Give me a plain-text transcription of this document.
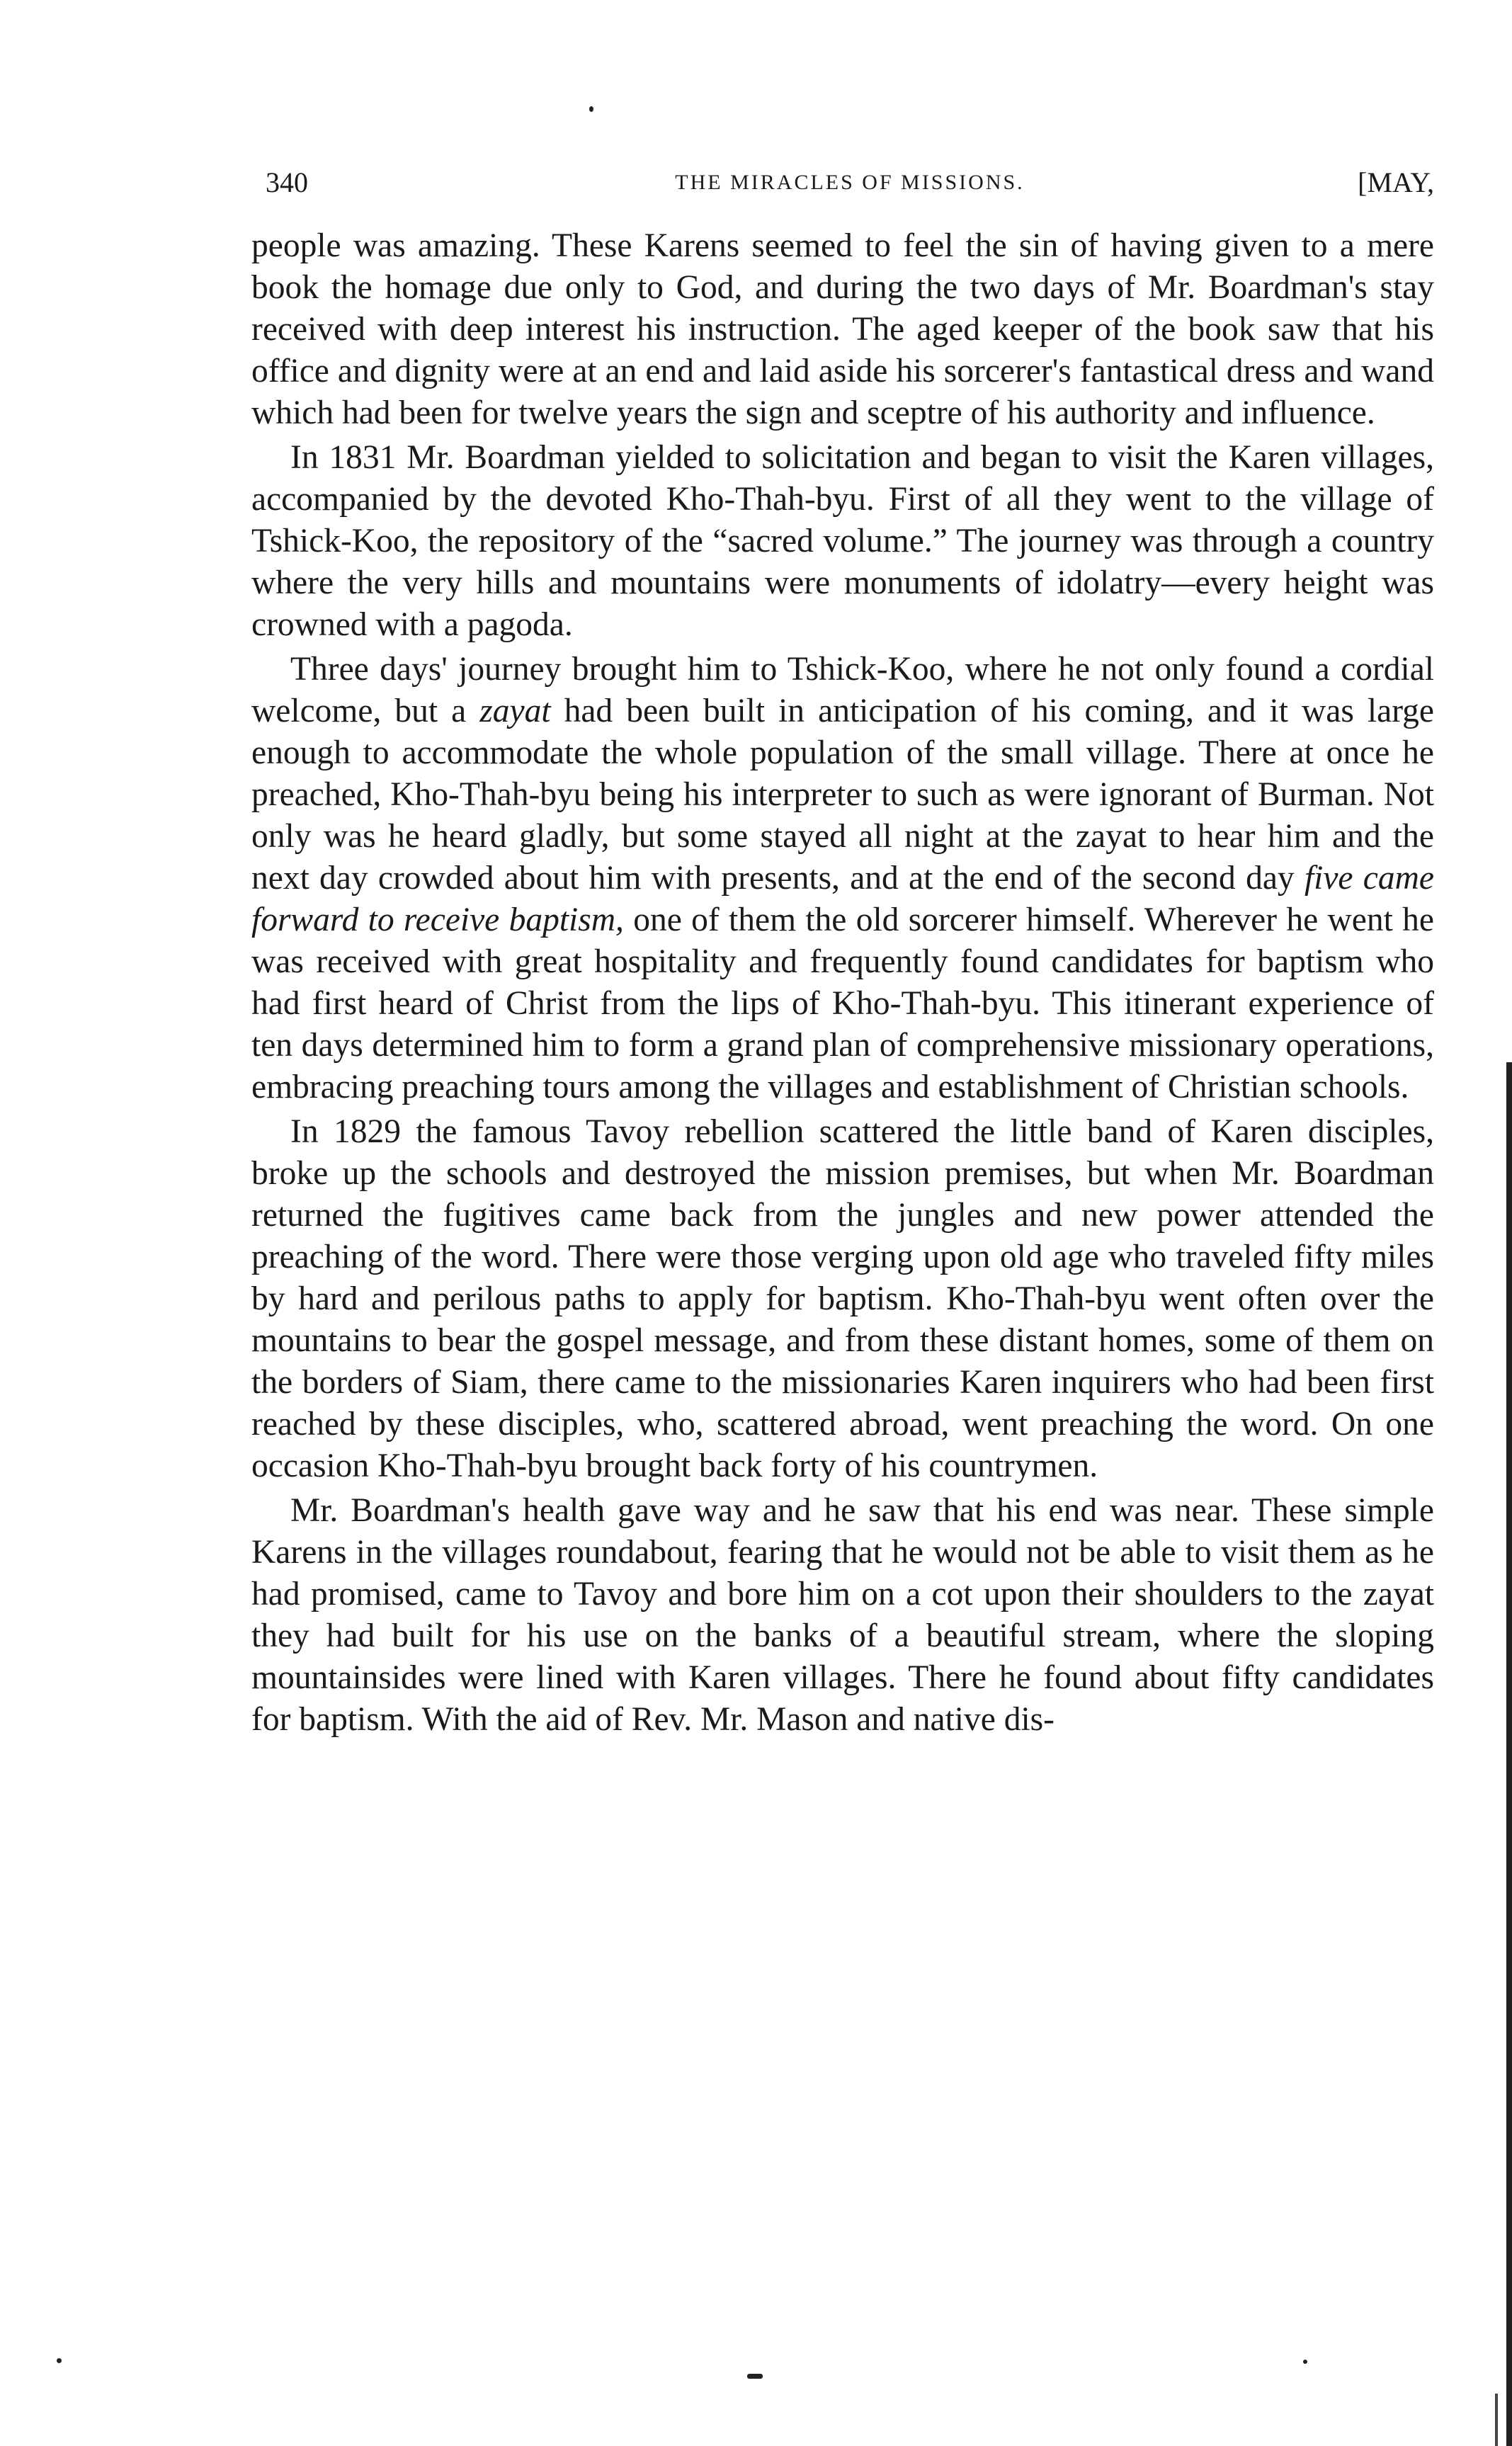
340	THE MIRACLES OF MISSIONS.	[MAY,

people was amazing. These Karens seemed to feel the sin of having given to a mere book the homage due only to God, and during the two days of Mr. Boardman's stay received with deep interest his instruction. The aged keeper of the book saw that his office and dignity were at an end and laid aside his sorcerer's fantastical dress and wand which had been for twelve years the sign and sceptre of his authority and influence.

In 1831 Mr. Boardman yielded to solicitation and began to visit the Karen villages, accompanied by the devoted Kho-Thah-byu. First of all they went to the village of Tshick-Koo, the repository of the “sacred volume.” The journey was through a country where the very hills and mountains were monuments of idolatry—every height was crowned with a pagoda.

Three days' journey brought him to Tshick-Koo, where he not only found a cordial welcome, but a zayat had been built in anticipation of his coming, and it was large enough to accommodate the whole population of the small village. There at once he preached, Kho-Thah-byu being his interpreter to such as were ignorant of Burman. Not only was he heard gladly, but some stayed all night at the zayat to hear him and the next day crowded about him with presents, and at the end of the second day five came forward to receive baptism, one of them the old sorcerer himself. Wherever he went he was received with great hospitality and frequently found candidates for baptism who had first heard of Christ from the lips of Kho-Thah-byu. This itinerant experience of ten days determined him to form a grand plan of comprehensive missionary operations, embracing preaching tours among the villages and establishment of Christian schools.

In 1829 the famous Tavoy rebellion scattered the little band of Karen disciples, broke up the schools and destroyed the mission premises, but when Mr. Boardman returned the fugitives came back from the jungles and new power attended the preaching of the word. There were those verging upon old age who traveled fifty miles by hard and perilous paths to apply for baptism. Kho-Thah-byu went often over the mountains to bear the gospel message, and from these distant homes, some of them on the borders of Siam, there came to the missionaries Karen inquirers who had been first reached by these disciples, who, scattered abroad, went preaching the word. On one occasion Kho-Thah-byu brought back forty of his countrymen.

Mr. Boardman's health gave way and he saw that his end was near. These simple Karens in the villages roundabout, fearing that he would not be able to visit them as he had promised, came to Tavoy and bore him on a cot upon their shoulders to the zayat they had built for his use on the banks of a beautiful stream, where the sloping mountainsides were lined with Karen villages. There he found about fifty candidates for baptism. With the aid of Rev. Mr. Mason and native dis-
